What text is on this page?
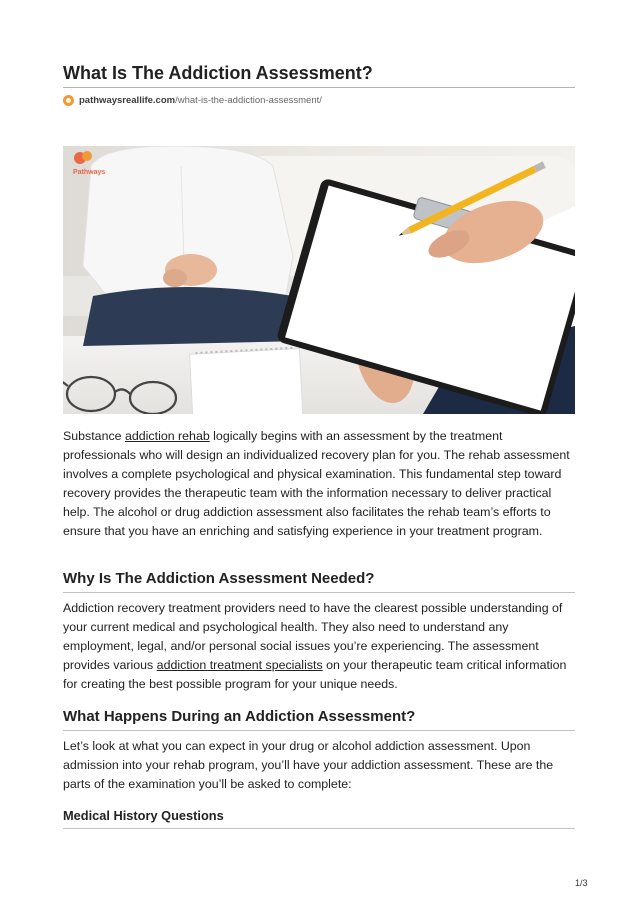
What Is The Addiction Assessment?
pathwaysreallife.com /what-is-the-addiction-assessment/
Pathways

Substance addiction rehab logically begins with an assessment by the treatment professionals who will design an individualized recovery plan for you. The rehab assessment involves a complete psychological and physical examination. This fundamental step toward recovery provides the therapeutic team with the information necessary to deliver practical help. The alcohol or drug addiction assessment also facilitates the rehab team’s efforts to ensure that you have an enriching and satisfying experience in your treatment program.

Why Is The Addiction Assessment Needed?

Addiction recovery treatment providers need to have the clearest possible understanding of your current medical and psychological health. They also need to understand any employment, legal, and/or personal social issues you’re experiencing. The assessment provides various addiction treatment specialists on your therapeutic team critical information for creating the best possible program for your unique needs.

What Happens During an Addiction Assessment?

Let’s look at what you can expect in your drug or alcohol addiction assessment. Upon admission into your rehab program, you’ll have your addiction assessment. These are the parts of the examination you’ll be asked to complete:

Medical History Questions
1/3
